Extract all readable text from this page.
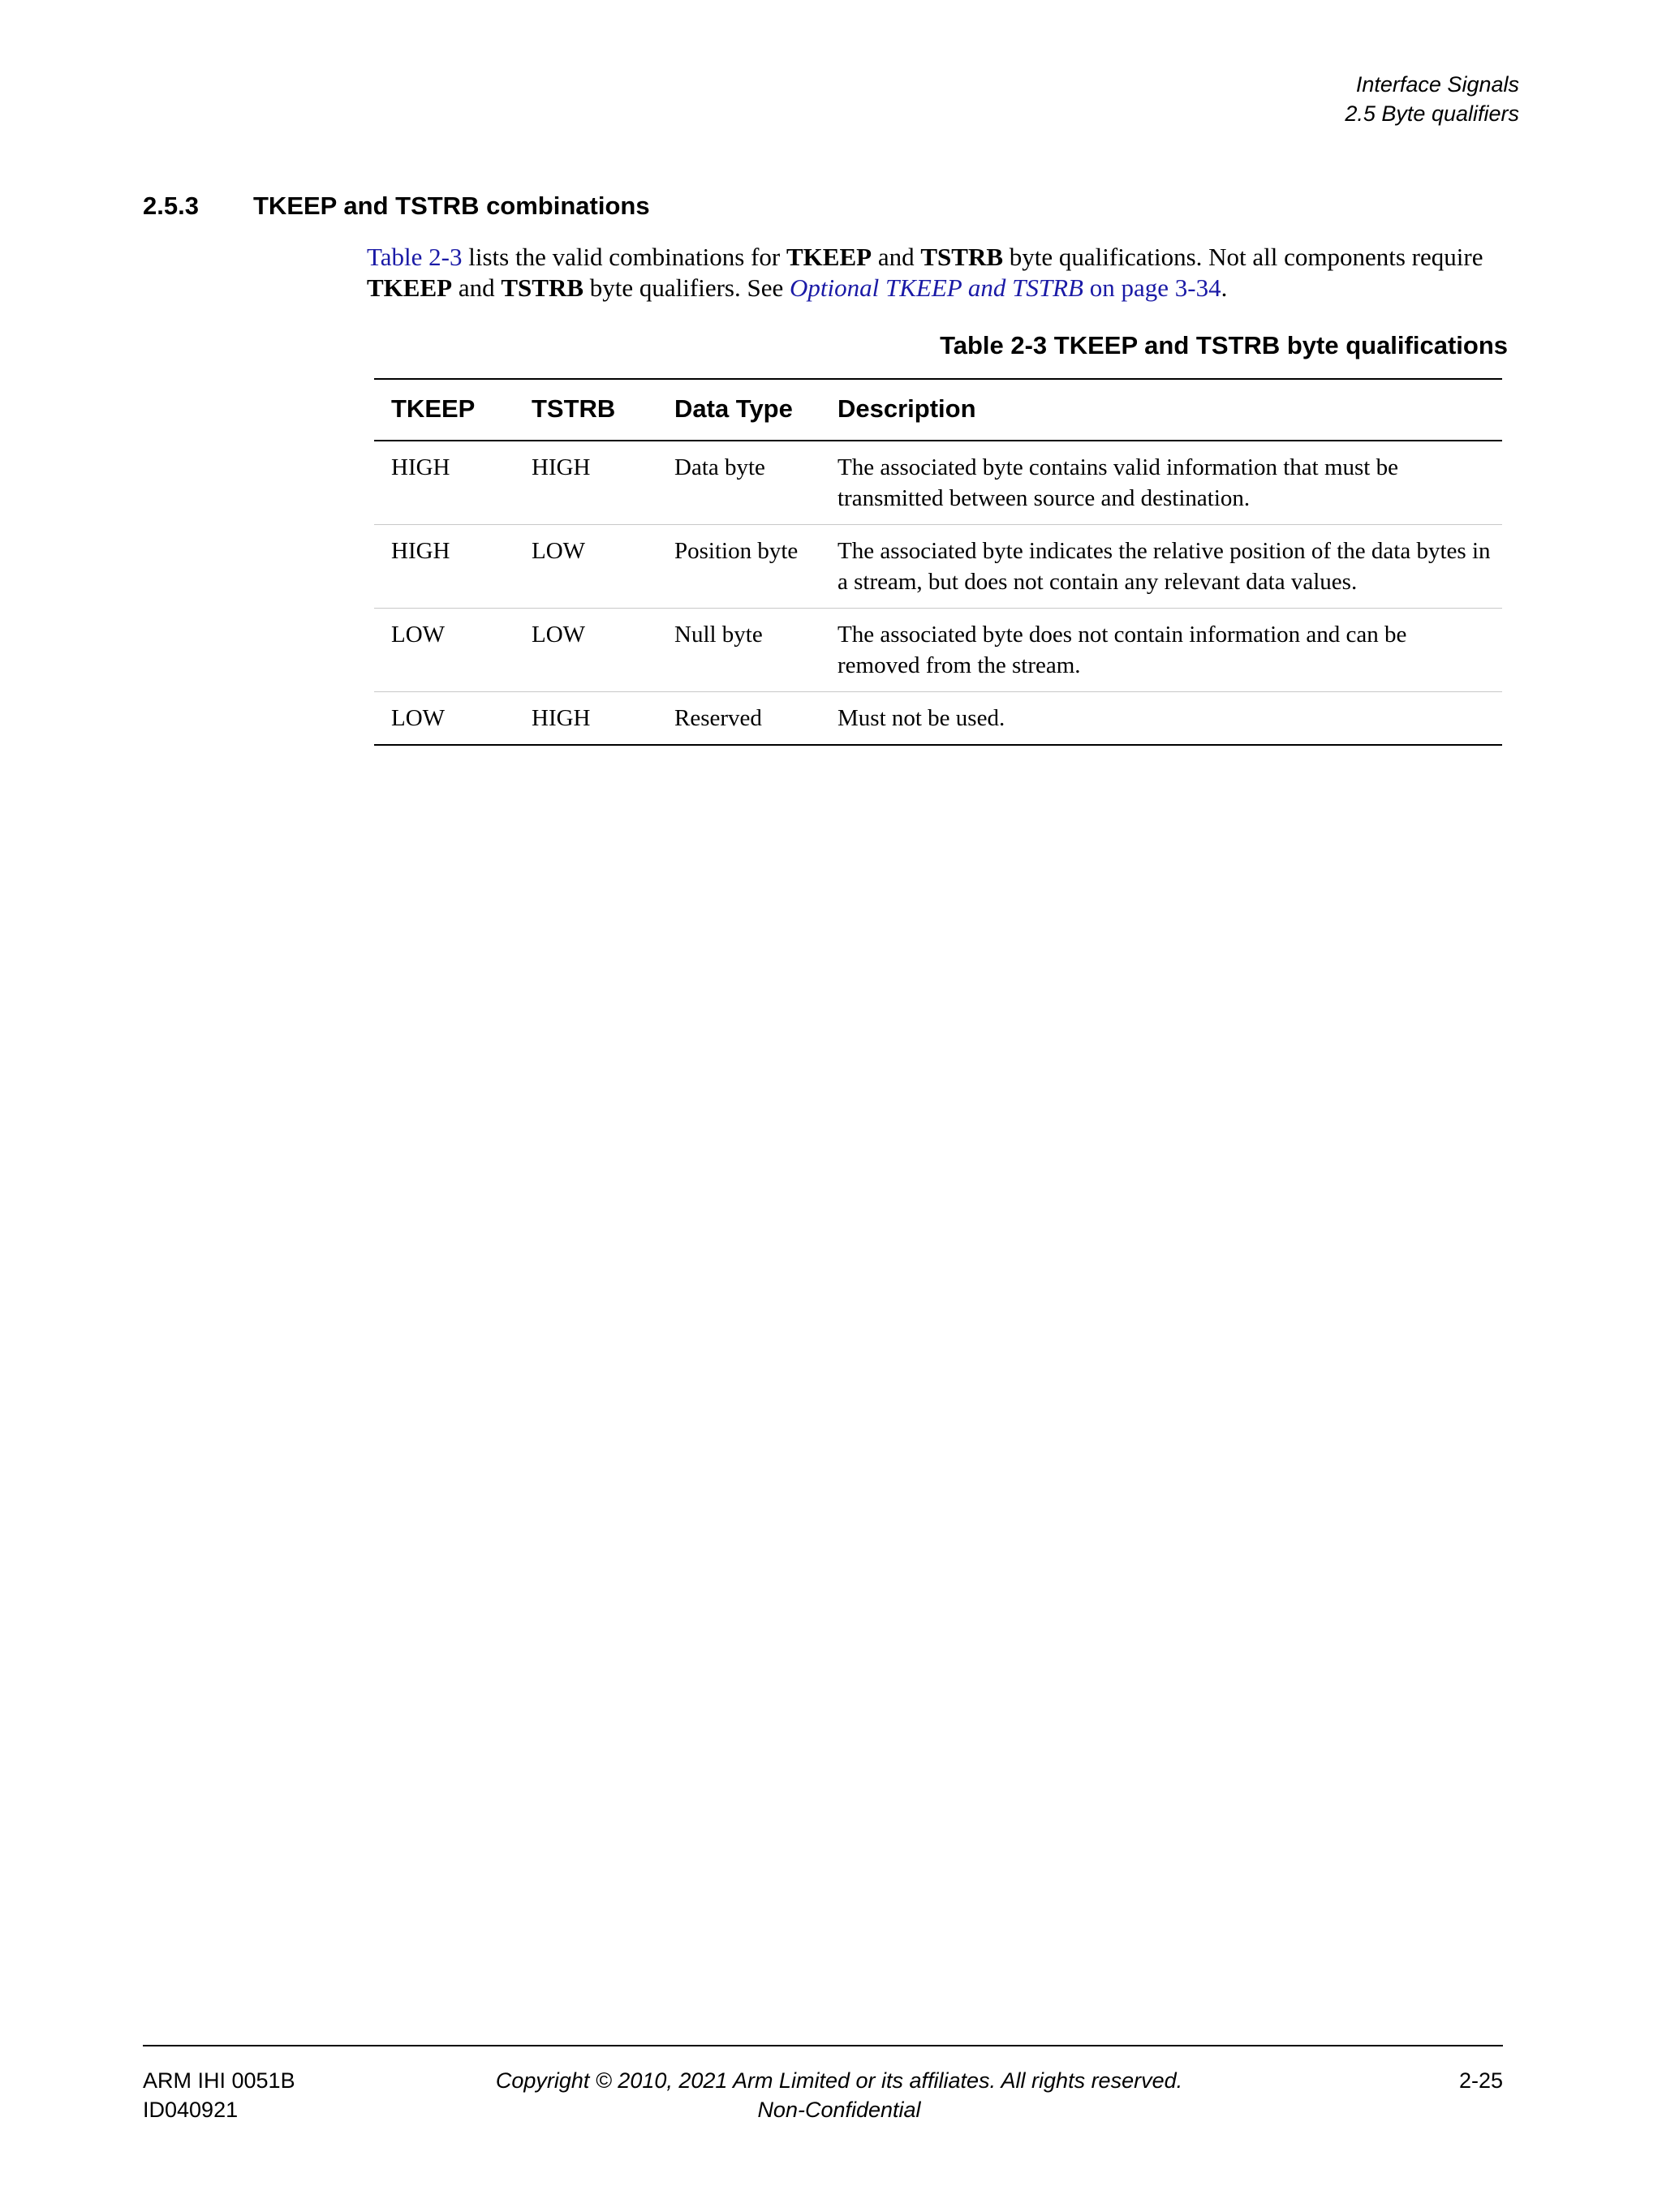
Interface Signals
2.5 Byte qualifiers
2.5.3	TKEEP and TSTRB combinations

Table 2-3 lists the valid combinations for TKEEP and TSTRB byte qualifications. Not all components require TKEEP and TSTRB byte qualifiers. See Optional TKEEP and TSTRB on page 3-34.

Table 2-3 TKEEP and TSTRB byte qualifications
TKEEP	TSTRB	Data Type	Description
HIGH	HIGH	Data byte	The associated byte contains valid information that must be transmitted between source and destination.
HIGH	LOW	Position byte	The associated byte indicates the relative position of the data bytes in a stream, but does not contain any relevant data values.
LOW	LOW	Null byte	The associated byte does not contain information and can be removed from the stream.
LOW	HIGH	Reserved	Must not be used.
ARM IHI 0051B
ID040921
Copyright © 2010, 2021 Arm Limited or its affiliates. All rights reserved.
Non-Confidential
2-25
